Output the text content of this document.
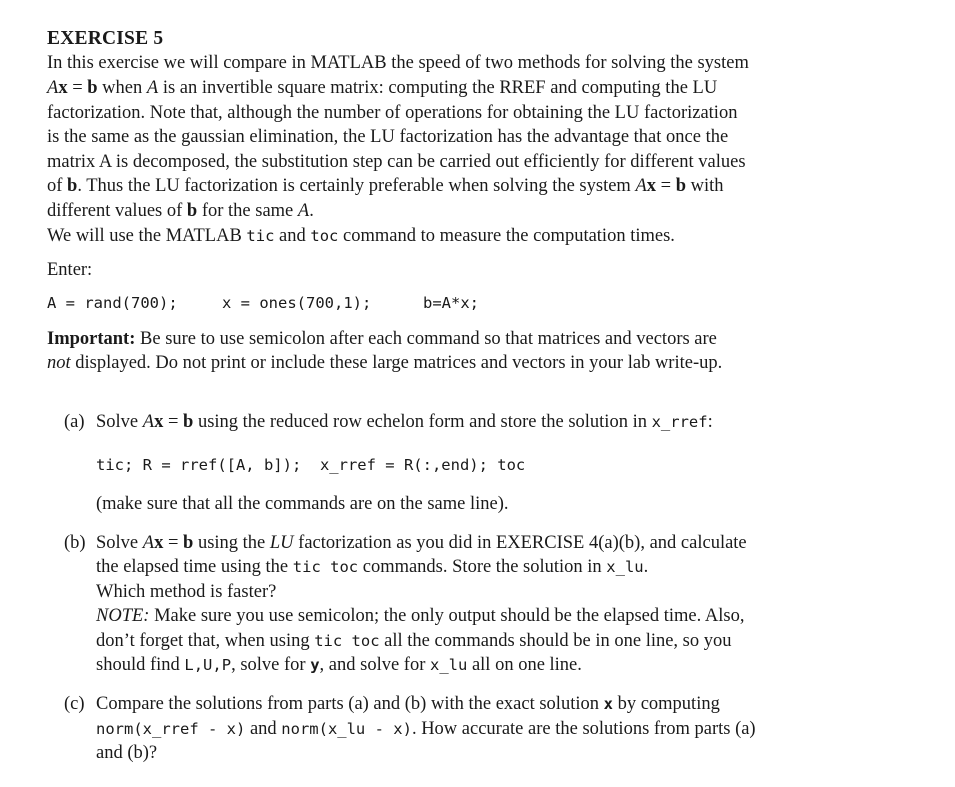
EXERCISE 5

In this exercise we will compare in MATLAB the speed of two methods for solving the system

Ax = b when A is an invertible square matrix: computing the RREF and computing the LU

factorization. Note that, although the number of operations for obtaining the LU factorization

is the same as the gaussian elimination, the LU factorization has the advantage that once the

matrix A is decomposed, the substitution step can be carried out efficiently for different values

of b. Thus the LU factorization is certainly preferable when solving the system Ax = b with

different values of b for the same A.

We will use the MATLAB tic and toc command to measure the computation times.

Enter:

A = rand(700);	x = ones(700,1);	b=A*x;

Important: Be sure to use semicolon after each command so that matrices and vectors are

not displayed. Do not print or include these large matrices and vectors in your lab write-up.

(a) Solve Ax = b using the reduced row echelon form and store the solution in x_rref:

tic; R = rref([A, b]);  x_rref = R(:,end); toc

(make sure that all the commands are on the same line).

(b) Solve Ax = b using the LU factorization as you did in EXERCISE 4(a)(b), and calculate

the elapsed time using the tic toc commands. Store the solution in x_lu.

Which method is faster?

NOTE: Make sure you use semicolon; the only output should be the elapsed time. Also,

don’t forget that, when using tic toc all the commands should be in one line, so you

should find L,U,P, solve for y, and solve for x_lu all on one line.

(c) Compare the solutions from parts (a) and (b) with the exact solution x by computing

norm(x_rref - x) and norm(x_lu - x). How accurate are the solutions from parts (a)

and (b)?
